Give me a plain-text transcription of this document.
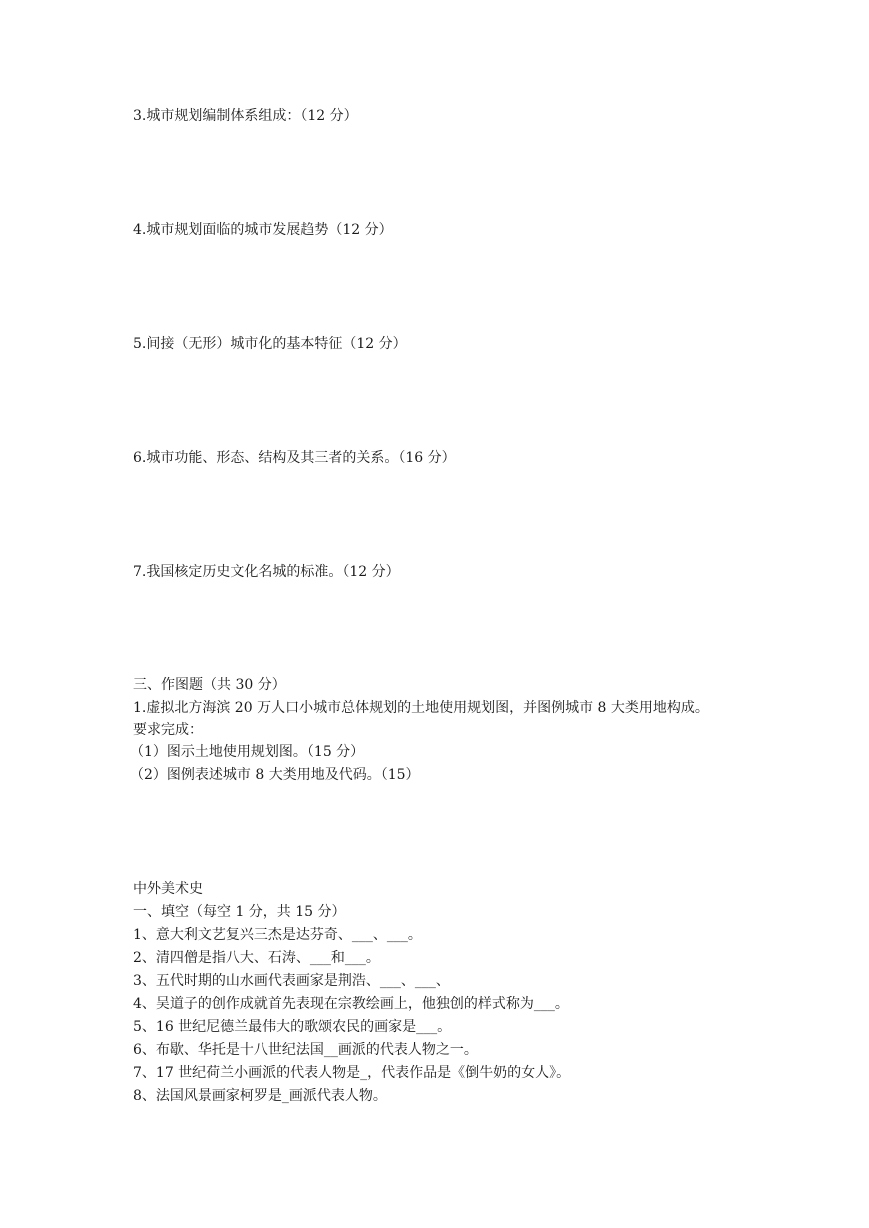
3.城市规划编制体系组成：（12 分）
4.城市规划面临的城市发展趋势（12 分）
5.间接（无形）城市化的基本特征（12 分）
6.城市功能、形态、结构及其三者的关系。（16 分）
7.我国核定历史文化名城的标准。（12 分）
三、作图题（共 30 分）
1.虚拟北方海滨 20 万人口小城市总体规划的土地使用规划图，并图例城市 8 大类用地构成。
要求完成：
（1）图示土地使用规划图。（15 分）
（2）图例表述城市 8 大类用地及代码。（15）
中外美术史
一、填空（每空 1 分，共 15 分）
1、意大利文艺复兴三杰是达芬奇、___、___。
2、清四僧是指八大、石涛、___和___。
3、五代时期的山水画代表画家是荆浩、___、___、
4、吴道子的创作成就首先表现在宗教绘画上，他独创的样式称为___。
5、16 世纪尼德兰最伟大的歌颂农民的画家是___。
6、布歇、华托是十八世纪法国__画派的代表人物之一。
7、17 世纪荷兰小画派的代表人物是_，代表作品是《倒牛奶的女人》。
8、法国风景画家柯罗是_画派代表人物。
